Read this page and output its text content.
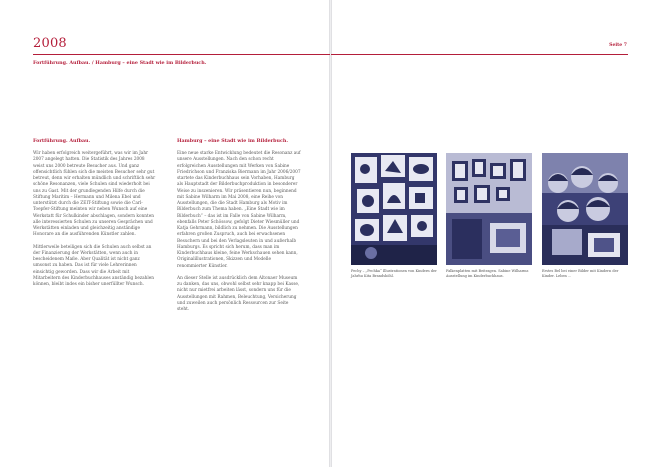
2008	Seite 7
Fortführung. Aufbau. / Hamburg – eine Stadt wie im Bilderbuch.
Fortführung. Aufbau.

Wir haben erfolgreich weitergeführt, was wir im Jahr 2007 angelegt hatten. Die Statistik des Jahres 2008 weist uns 2000 betreute Besucher aus. Und ganz offensichtlich fühlen sich die meisten Besucher sehr gut betreut, denn wir erhalten mündlich und schriftlich sehr schöne Resonanzen, viele Schulen sind wiederholt bei uns zu Gast. Mit der grundlegenden Hilfe durch die Stiftung Maritim – Hermann und Milena Ebel und unterstützt durch die ZEIT-Stiftung sowie die Carl-Toepfer-Stiftung meinten wir neben Wunsch auf eine Werkstatt für Schulkinder abschlagen, sondern konnten alle interessierten Schulen zu unseren Gesprächen und Werkstätten einladen und gleichzeitig anständige Honorare an die ausführenden Künstler zahlen.

Mittlerweile beteiligen sich die Schulen auch selbst an der Finanzierung der Werkstätten, wenn auch in bescheidenem Maße. Aber Qualität ist nicht ganz umsonst zu haben. Das ist für viele Lehrerinnen einsichtig geworden. Dass wir die Arbeit mit Mitarbeitern des Kinderbuchhauses anständig bezahlen können, bleibt indes ein bisher unerfüllter Wunsch.

Hamburg – eine Stadt wie im Bilderbuch.

Eine neue starke Entwicklung bedeutet die Resonanz auf unsere Ausstellungen. Nach den schon recht erfolgreichen Ausstellungen mit Werken von Sabine Friedrichson und Franziska Biermann im Jahr 2006/2007 startete das Kinderbuchhaus sein Vorhaben, Hamburg als Hauptstadt der Bilderbuchproduktion in besonderer Weise zu inszenieren. Wir präsentieren nun, beginnend mit Sabine Wilharm im Mai 2008, eine Reihe von Ausstellungen, die die Stadt Hamburg als Motiv im Bilderbuch zum Thema haben. „Eine Stadt wie im Bilderbuch“ – das ist im Falle von Sabine Wilharm, ebenfalls Peter Schössow, gefolgt Dieter Wiesmüller und Katja Gehrmann, bildlich zu nehmen. Die Ausstellungen erfahren großen Zuspruch, auch bei erwachsenen Besuchern und bei den Verlagsleuten in und außerhalb Hamburgs. Es spricht sich herum, dass man im Kinderbuchhaus kleine, feine Werkschauen sehen kann, Originalillustrationen, Skizzen und Modelle renommierter Künstler.

An dieser Stelle ist ausdrücklich dem Altonaer Museum zu danken, das uns, obwohl selbst sehr knapp bei Kasse, nicht nur mietfrei arbeiten lässt, sondern uns für die Ausstellungen mit Rahmen, Beleuchtung, Versicherung und zuweilen auch persönlich Ressourcen zur Seite steht.

Pechy – „Pechka“ Illustrationen von Kindern der Jahrhu Kita Brandshöhl.
Falkenplatten mit Beitragen. Sabine Wilharms Ausstellung im Kinderbuchhaus.
Erstes Bel bei einer Bilder mit Kindern der Kinder. Leben ...
